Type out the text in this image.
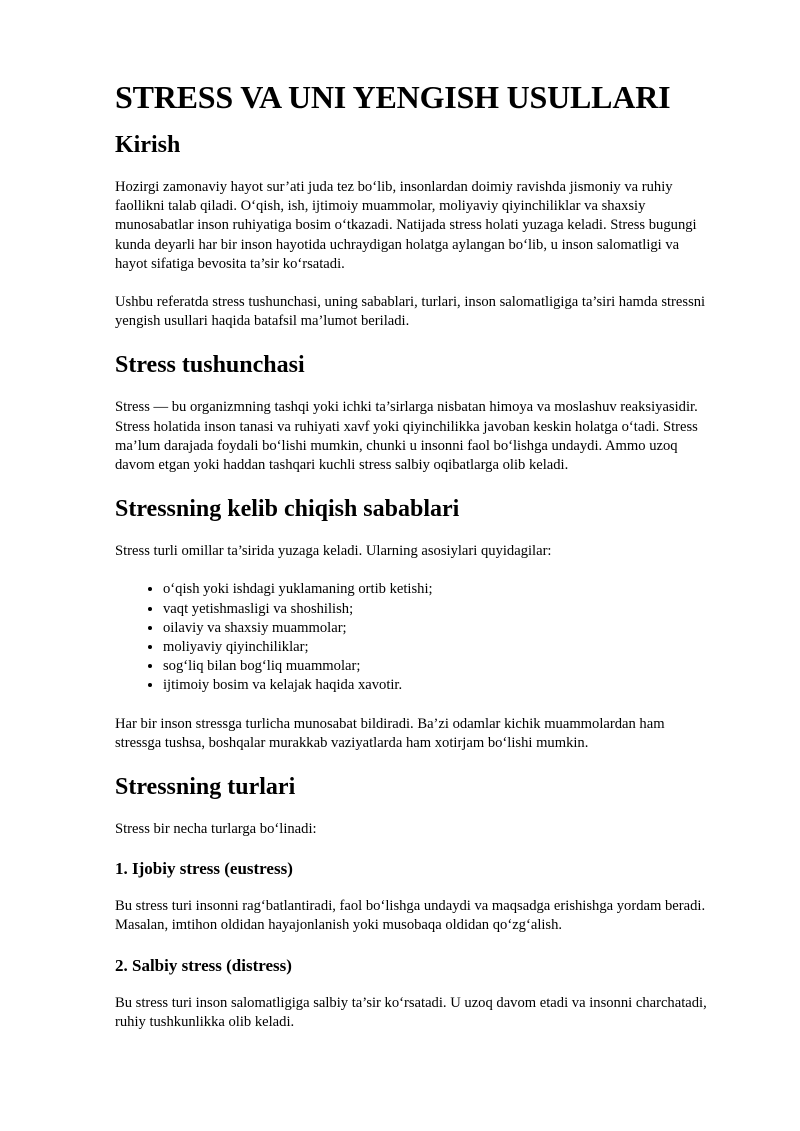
STRESS VA UNI YENGISH USULLARI
Kirish

Hozirgi zamonaviy hayot sur’ati juda tez bo‘lib, insonlardan doimiy ravishda jismoniy va ruhiy faollikni talab qiladi. O‘qish, ish, ijtimoiy muammolar, moliyaviy qiyinchiliklar va shaxsiy munosabatlar inson ruhiyatiga bosim o‘tkazadi. Natijada stress holati yuzaga keladi. Stress bugungi kunda deyarli har bir inson hayotida uchraydigan holatga aylangan bo‘lib, u inson salomatligi va hayot sifatiga bevosita ta’sir ko‘rsatadi.

Ushbu referatda stress tushunchasi, uning sabablari, turlari, inson salomatligiga ta’siri hamda stressni yengish usullari haqida batafsil ma’lumot beriladi.

Stress tushunchasi

Stress — bu organizmning tashqi yoki ichki ta’sirlarga nisbatan himoya va moslashuv reaksiyasidir. Stress holatida inson tanasi va ruhiyati xavf yoki qiyinchilikka javoban keskin holatga o‘tadi. Stress ma’lum darajada foydali bo‘lishi mumkin, chunki u insonni faol bo‘lishga undaydi. Ammo uzoq davom etgan yoki haddan tashqari kuchli stress salbiy oqibatlarga olib keladi.

Stressning kelib chiqish sabablari

Stress turli omillar ta’sirida yuzaga keladi. Ularning asosiylari quyidagilar:

• o‘qish yoki ishdagi yuklamaning ortib ketishi;
• vaqt yetishmasligi va shoshilish;
• oilaviy va shaxsiy muammolar;
• moliyaviy qiyinchiliklar;
• sog‘liq bilan bog‘liq muammolar;
• ijtimoiy bosim va kelajak haqida xavotir.

Har bir inson stressga turlicha munosabat bildiradi. Ba’zi odamlar kichik muammolardan ham stressga tushsa, boshqalar murakkab vaziyatlarda ham xotirjam bo‘lishi mumkin.

Stressning turlari

Stress bir necha turlarga bo‘linadi:

1. Ijobiy stress (eustress)

Bu stress turi insonni rag‘batlantiradi, faol bo‘lishga undaydi va maqsadga erishishga yordam beradi. Masalan, imtihon oldidan hayajonlanish yoki musobaqa oldidan qo‘zg‘alish.

2. Salbiy stress (distress)

Bu stress turi inson salomatligiga salbiy ta’sir ko‘rsatadi. U uzoq davom etadi va insonni charchatadi, ruhiy tushkunlikka olib keladi.
